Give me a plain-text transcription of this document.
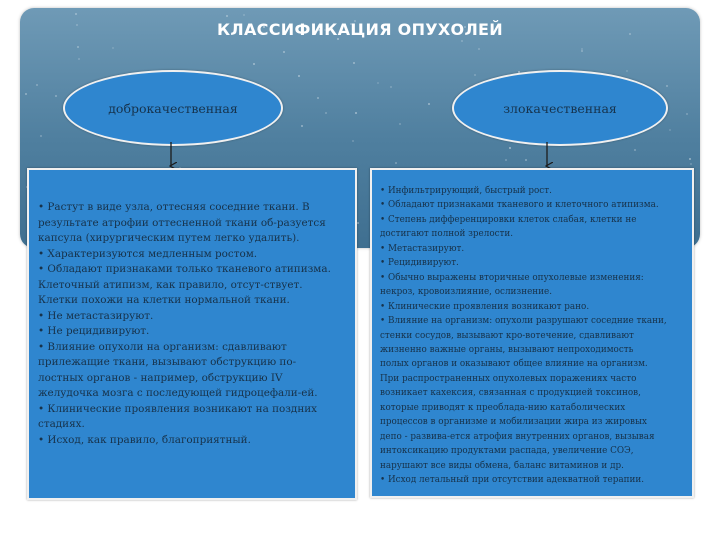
КЛАССИФИКАЦИЯ ОПУХОЛЕЙ
доброкачественная	злокачественная
• Растут в виде узла, оттесняя соседние ткани. В
результате атрофии оттесненной ткани об-разуется
капсула (хирургическим путем легко удалить).
• Характеризуются медленным ростом.
• Обладают признаками только тканевого атипизма.
Клеточный атипизм, как правило, отсут-ствует.
Клетки похожи на клетки нормальной ткани.
• Не метастазируют.
• Не рецидивируют.
• Влияние опухоли на организм: сдавливают
прилежащие ткани, вызывают обструкцию по-
лостных органов - например, обструкцию IV
желудочка мозга с последующей гидроцефали-ей.
• Клинические проявления возникают на поздних
стадиях.
• Исход, как правило, благоприятный.
• Инфильтрирующий, быстрый рост.
• Обладают признаками тканевого и клеточного атипизма.
• Степень дифференцировки клеток слабая, клетки не
достигают полной зрелости.
• Метастазируют.
• Рецидивируют.
• Обычно выражены вторичные опухолевые изменения:
некроз, кровоизлияние, ослизнение.
• Клинические проявления возникают рано.
• Влияние на организм: опухоли разрушают соседние ткани,
стенки сосудов, вызывают кро-вотечение, сдавливают
жизненно важные органы, вызывают непроходимость
полых органов и оказывают общее влияние на организм.
При распространенных опухолевых поражениях часто
возникает кахексия, связанная с продукцией токсинов,
которые приводят к преоблада-нию катаболических
процессов в организме и мобилизации жира из жировых
депо - развива-ется атрофия внутренних органов, вызывая
интоксикацию продуктами распада, увеличение СОЭ,
нарушают все виды обмена, баланс витаминов и др.
• Исход летальный при отсутствии адекватной терапии.
